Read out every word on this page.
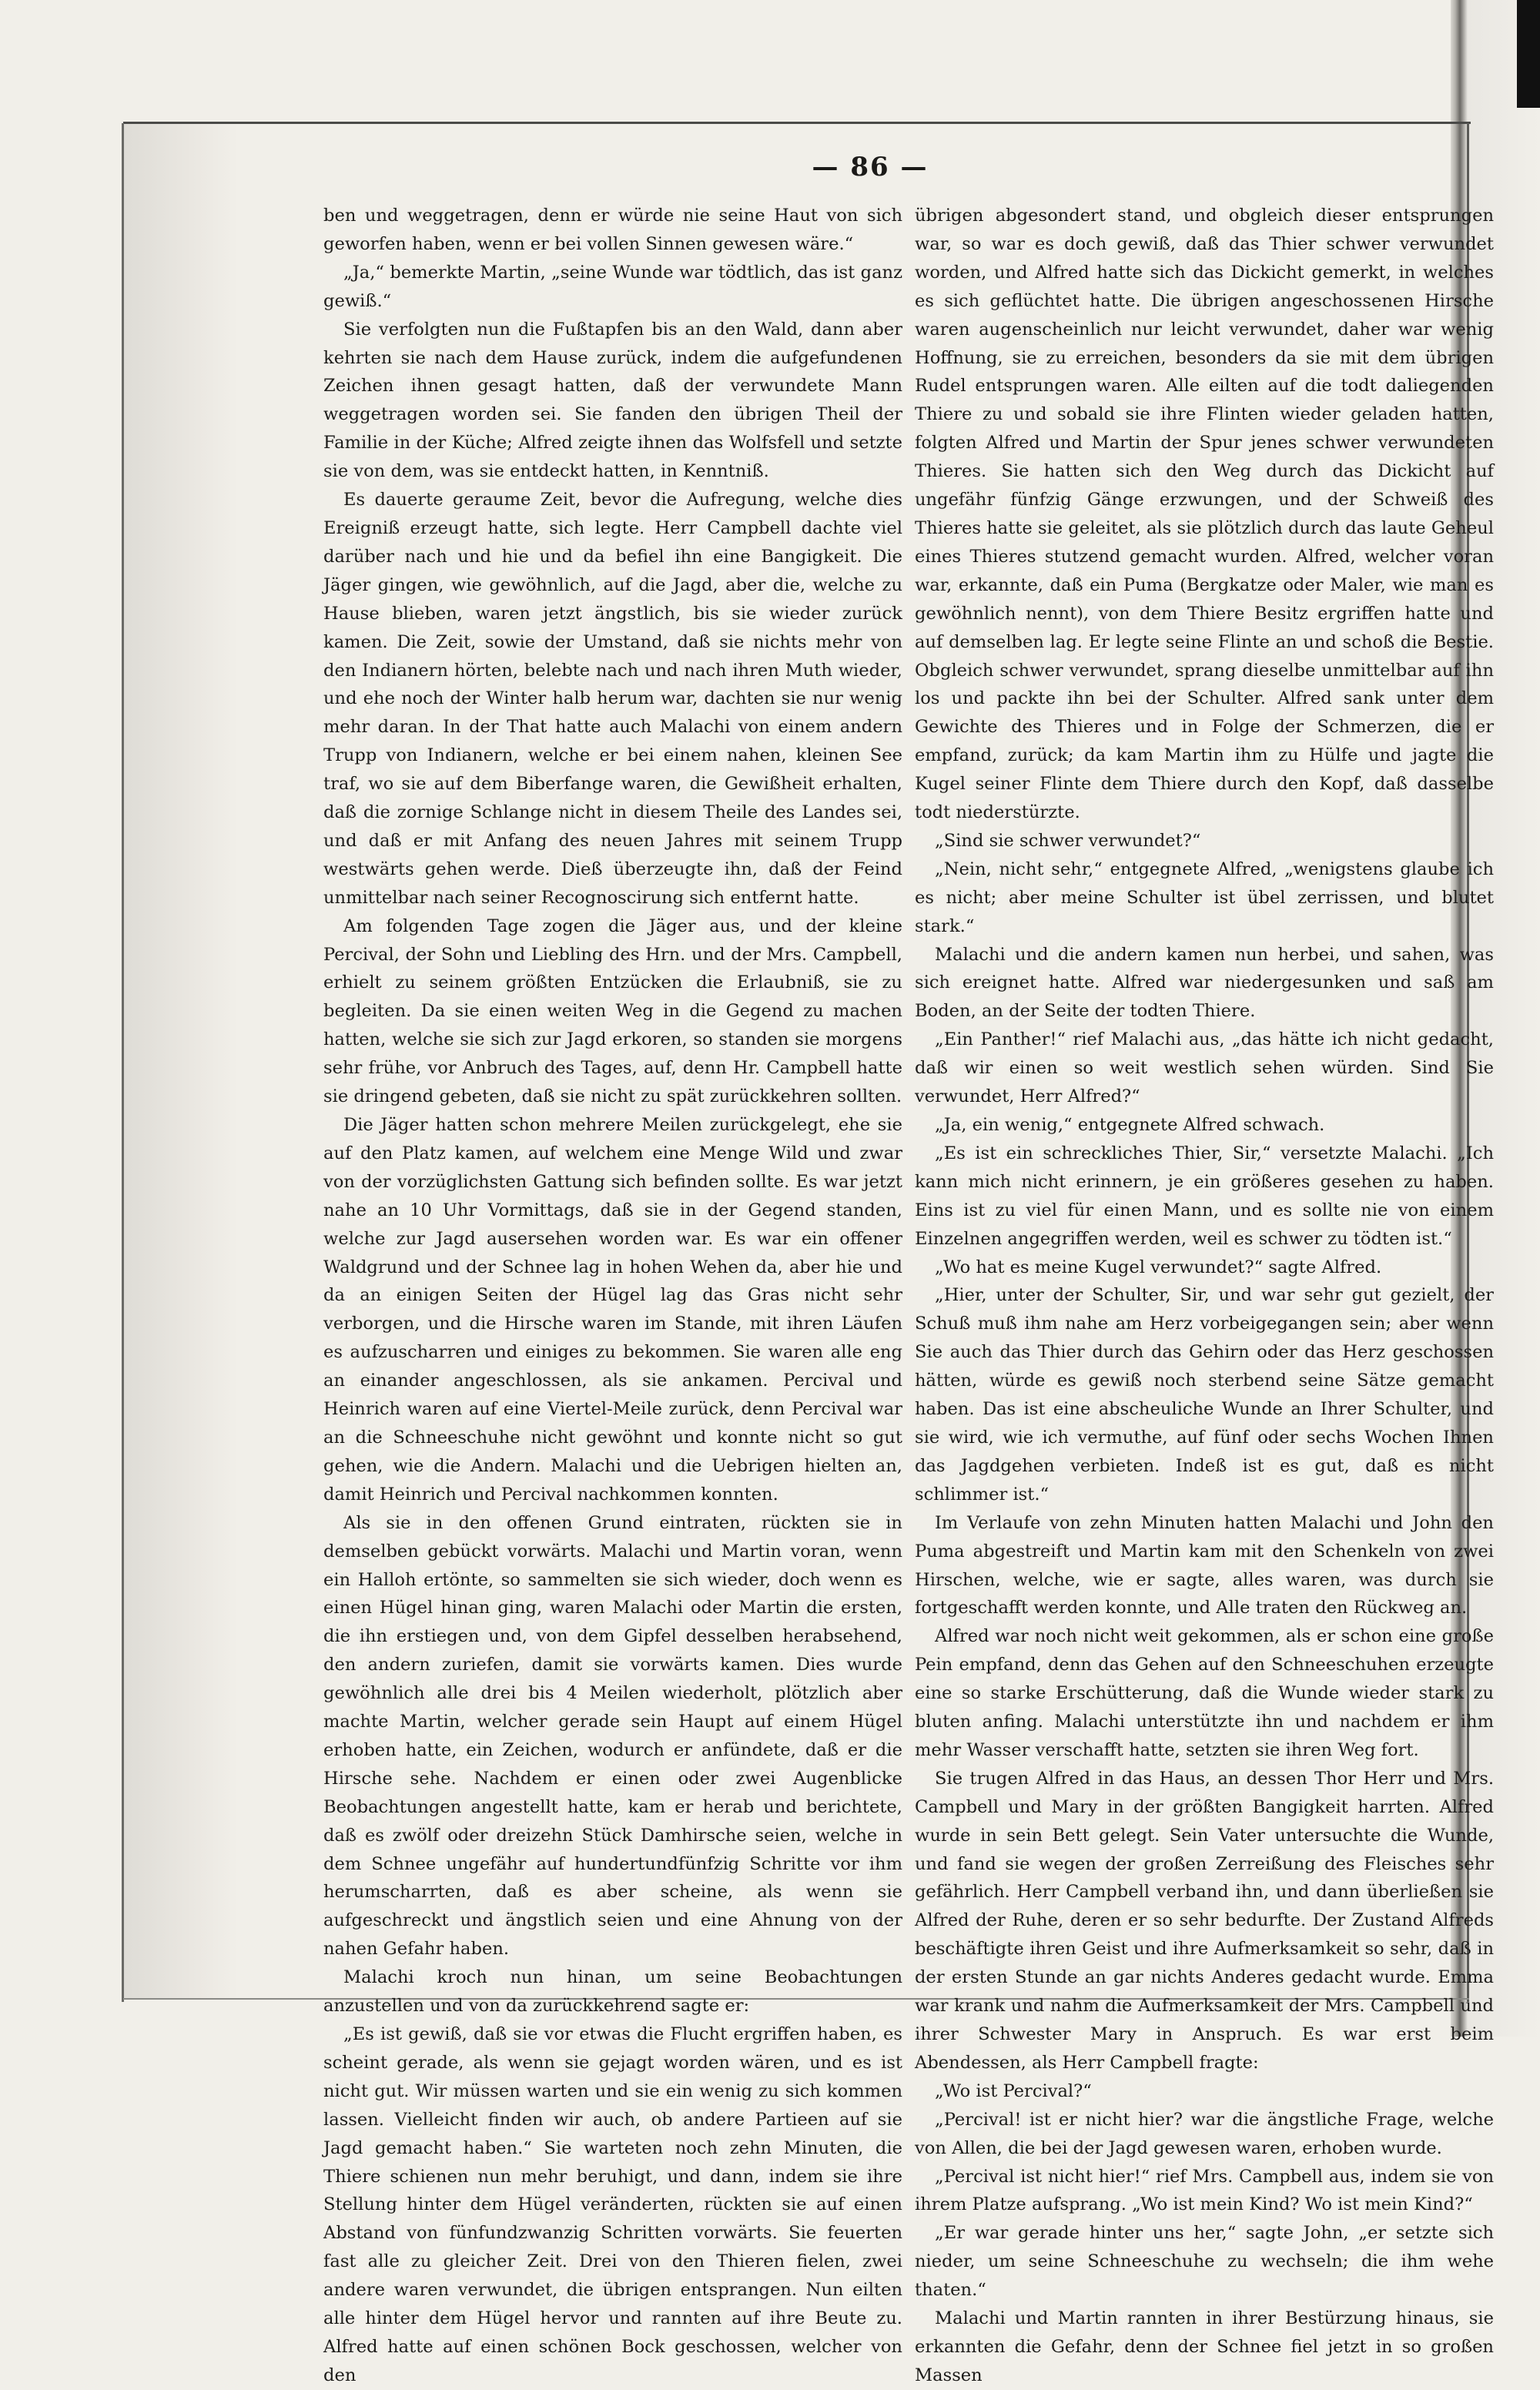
— 86 —

ben und weggetragen, denn er würde nie seine Haut von sich geworfen haben, wenn er bei vollen Sinnen gewesen wäre.“

„Ja,“ bemerkte Martin, „seine Wunde war tödtlich, das ist ganz gewiß.“

Sie verfolgten nun die Fußtapfen bis an den Wald, dann aber kehrten sie nach dem Hause zurück, indem die aufgefundenen Zeichen ihnen gesagt hatten, daß der verwundete Mann weggetragen worden sei. Sie fanden den übrigen Theil der Familie in der Küche; Alfred zeigte ihnen das Wolfsfell und setzte sie von dem, was sie entdeckt hatten, in Kenntniß.

Es dauerte geraume Zeit, bevor die Aufregung, welche dies Ereigniß erzeugt hatte, sich legte. Herr Campbell dachte viel darüber nach und hie und da befiel ihn eine Bangigkeit. Die Jäger gingen, wie gewöhnlich, auf die Jagd, aber die, welche zu Hause blieben, waren jetzt ängstlich, bis sie wieder zurück kamen. Die Zeit, sowie der Umstand, daß sie nichts mehr von den Indianern hörten, belebte nach und nach ihren Muth wieder, und ehe noch der Winter halb herum war, dachten sie nur wenig mehr daran. In der That hatte auch Malachi von einem andern Trupp von Indianern, welche er bei einem nahen, kleinen See traf, wo sie auf dem Biberfange waren, die Gewißheit erhalten, daß die zornige Schlange nicht in diesem Theile des Landes sei, und daß er mit Anfang des neuen Jahres mit seinem Trupp westwärts gehen werde. Dieß überzeugte ihn, daß der Feind unmittelbar nach seiner Recognoscirung sich entfernt hatte.

Am folgenden Tage zogen die Jäger aus, und der kleine Percival, der Sohn und Liebling des Hrn. und der Mrs. Campbell, erhielt zu seinem größten Entzücken die Erlaubniß, sie zu begleiten. Da sie einen weiten Weg in die Gegend zu machen hatten, welche sie sich zur Jagd erkoren, so standen sie morgens sehr frühe, vor Anbruch des Tages, auf, denn Hr. Campbell hatte sie dringend gebeten, daß sie nicht zu spät zurückkehren sollten.

Die Jäger hatten schon mehrere Meilen zurückgelegt, ehe sie auf den Platz kamen, auf welchem eine Menge Wild und zwar von der vorzüglichsten Gattung sich befinden sollte. Es war jetzt nahe an 10 Uhr Vormittags, daß sie in der Gegend standen, welche zur Jagd ausersehen worden war. Es war ein offener Waldgrund und der Schnee lag in hohen Wehen da, aber hie und da an einigen Seiten der Hügel lag das Gras nicht sehr verborgen, und die Hirsche waren im Stande, mit ihren Läufen es aufzuscharren und einiges zu bekommen. Sie waren alle eng an einander angeschlossen, als sie ankamen. Percival und Heinrich waren auf eine Viertel-Meile zurück, denn Percival war an die Schneeschuhe nicht gewöhnt und konnte nicht so gut gehen, wie die Andern. Malachi und die Uebrigen hielten an, damit Heinrich und Percival nachkommen konnten.

Als sie in den offenen Grund eintraten, rückten sie in demselben gebückt vorwärts. Malachi und Martin voran, wenn ein Halloh ertönte, so sammelten sie sich wieder, doch wenn es einen Hügel hinan ging, waren Malachi oder Martin die ersten, die ihn erstiegen und, von dem Gipfel desselben herabsehend, den andern zuriefen, damit sie vorwärts kamen. Dies wurde gewöhnlich alle drei bis 4 Meilen wiederholt, plötzlich aber machte Martin, welcher gerade sein Haupt auf einem Hügel erhoben hatte, ein Zeichen, wodurch er anfündete, daß er die Hirsche sehe. Nachdem er einen oder zwei Augenblicke Beobachtungen angestellt hatte, kam er herab und berichtete, daß es zwölf oder dreizehn Stück Damhirsche seien, welche in dem Schnee ungefähr auf hundertundfünfzig Schritte vor ihm herumscharrten, daß es aber scheine, als wenn sie aufgeschreckt und ängstlich seien und eine Ahnung von der nahen Gefahr haben.

Malachi kroch nun hinan, um seine Beobachtungen anzustellen und von da zurückkehrend sagte er:

„Es ist gewiß, daß sie vor etwas die Flucht ergriffen haben, es scheint gerade, als wenn sie gejagt worden wären, und es ist nicht gut. Wir müssen warten und sie ein wenig zu sich kommen lassen. Vielleicht finden wir auch, ob andere Partieen auf sie Jagd gemacht haben.“ Sie warteten noch zehn Minuten, die Thiere schienen nun mehr beruhigt, und dann, indem sie ihre Stellung hinter dem Hügel veränderten, rückten sie auf einen Abstand von fünfundzwanzig Schritten vorwärts. Sie feuerten fast alle zu gleicher Zeit. Drei von den Thieren fielen, zwei andere waren verwundet, die übrigen entsprangen. Nun eilten alle hinter dem Hügel hervor und rannten auf ihre Beute zu. Alfred hatte auf einen schönen Bock geschossen, welcher von den

übrigen abgesondert stand, und obgleich dieser entsprungen war, so war es doch gewiß, daß das Thier schwer verwundet worden, und Alfred hatte sich das Dickicht gemerkt, in welches es sich geflüchtet hatte. Die übrigen angeschossenen Hirsche waren augenscheinlich nur leicht verwundet, daher war wenig Hoffnung, sie zu erreichen, besonders da sie mit dem übrigen Rudel entsprungen waren. Alle eilten auf die todt daliegenden Thiere zu und sobald sie ihre Flinten wieder geladen hatten, folgten Alfred und Martin der Spur jenes schwer verwundeten Thieres. Sie hatten sich den Weg durch das Dickicht auf ungefähr fünfzig Gänge erzwungen, und der Schweiß des Thieres hatte sie geleitet, als sie plötzlich durch das laute Geheul eines Thieres stutzend gemacht wurden. Alfred, welcher voran war, erkannte, daß ein Puma (Bergkatze oder Maler, wie man es gewöhnlich nennt), von dem Thiere Besitz ergriffen hatte und auf demselben lag. Er legte seine Flinte an und schoß die Bestie. Obgleich schwer verwundet, sprang dieselbe unmittelbar auf ihn los und packte ihn bei der Schulter. Alfred sank unter dem Gewichte des Thieres und in Folge der Schmerzen, die er empfand, zurück; da kam Martin ihm zu Hülfe und jagte die Kugel seiner Flinte dem Thiere durch den Kopf, daß dasselbe todt niederstürzte.

„Sind sie schwer verwundet?“

„Nein, nicht sehr,“ entgegnete Alfred, „wenigstens glaube ich es nicht; aber meine Schulter ist übel zerrissen, und blutet stark.“

Malachi und die andern kamen nun herbei, und sahen, was sich ereignet hatte. Alfred war niedergesunken und saß am Boden, an der Seite der todten Thiere.

„Ein Panther!“ rief Malachi aus, „das hätte ich nicht gedacht, daß wir einen so weit westlich sehen würden. Sind Sie verwundet, Herr Alfred?“

„Ja, ein wenig,“ entgegnete Alfred schwach.

„Es ist ein schreckliches Thier, Sir,“ versetzte Malachi. „Ich kann mich nicht erinnern, je ein größeres gesehen zu haben. Eins ist zu viel für einen Mann, und es sollte nie von einem Einzelnen angegriffen werden, weil es schwer zu tödten ist.“

„Wo hat es meine Kugel verwundet?“ sagte Alfred.

„Hier, unter der Schulter, Sir, und war sehr gut gezielt, der Schuß muß ihm nahe am Herz vorbeigegangen sein; aber wenn Sie auch das Thier durch das Gehirn oder das Herz geschossen hätten, würde es gewiß noch sterbend seine Sätze gemacht haben. Das ist eine abscheuliche Wunde an Ihrer Schulter, und sie wird, wie ich vermuthe, auf fünf oder sechs Wochen Ihnen das Jagdgehen verbieten. Indeß ist es gut, daß es nicht schlimmer ist.“

Im Verlaufe von zehn Minuten hatten Malachi und John den Puma abgestreift und Martin kam mit den Schenkeln von zwei Hirschen, welche, wie er sagte, alles waren, was durch sie fortgeschafft werden konnte, und Alle traten den Rückweg an.

Alfred war noch nicht weit gekommen, als er schon eine große Pein empfand, denn das Gehen auf den Schneeschuhen erzeugte eine so starke Erschütterung, daß die Wunde wieder stark zu bluten anfing. Malachi unterstützte ihn und nachdem er ihm mehr Wasser verschafft hatte, setzten sie ihren Weg fort.

Sie trugen Alfred in das Haus, an dessen Thor Herr und Mrs. Campbell und Mary in der größten Bangigkeit harrten. Alfred wurde in sein Bett gelegt. Sein Vater untersuchte die Wunde, und fand sie wegen der großen Zerreißung des Fleisches sehr gefährlich. Herr Campbell verband ihn, und dann überließen sie Alfred der Ruhe, deren er so sehr bedurfte. Der Zustand Alfreds beschäftigte ihren Geist und ihre Aufmerksamkeit so sehr, daß in der ersten Stunde an gar nichts Anderes gedacht wurde. Emma war krank und nahm die Aufmerksamkeit der Mrs. Campbell und ihrer Schwester Mary in Anspruch. Es war erst beim Abendessen, als Herr Campbell fragte:

„Wo ist Percival?“

„Percival! ist er nicht hier? war die ängstliche Frage, welche von Allen, die bei der Jagd gewesen waren, erhoben wurde.

„Percival ist nicht hier!“ rief Mrs. Campbell aus, indem sie von ihrem Platze aufsprang. „Wo ist mein Kind? Wo ist mein Kind?“

„Er war gerade hinter uns her,“ sagte John, „er setzte sich nieder, um seine Schneeschuhe zu wechseln; die ihm wehe thaten.“

Malachi und Martin rannten in ihrer Bestürzung hinaus, sie erkannten die Gefahr, denn der Schnee fiel jetzt in so großen Massen
